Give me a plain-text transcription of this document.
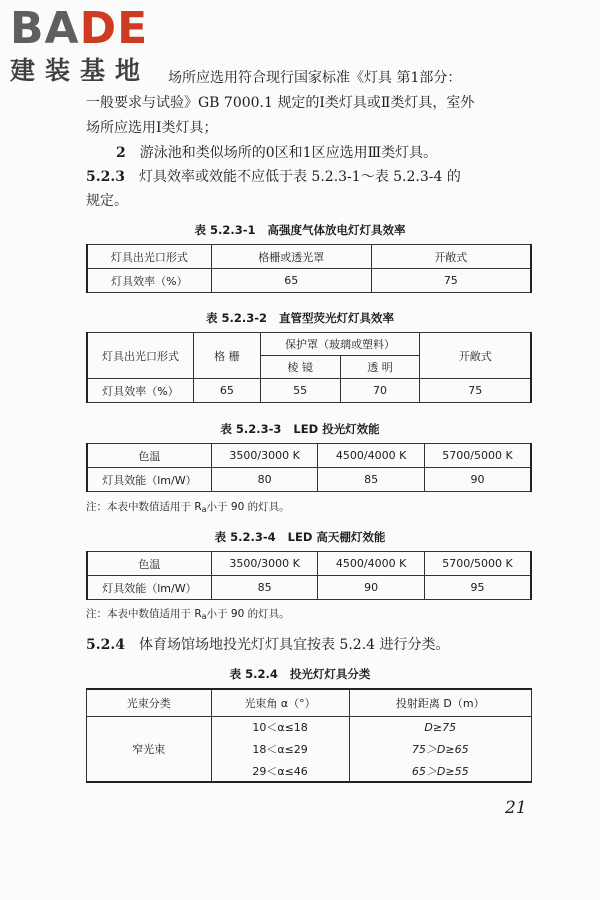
BADE
建装基地 场所应选用符合现行国家标准《灯具 第1部分：

一般要求与试验》GB 7000.1 规定的Ⅰ类灯具或Ⅱ类灯具，室外

场所应选用Ⅰ类灯具；

2 游泳池和类似场所的0区和1区应选用Ⅲ类灯具。

5.2.3 灯具效率或效能不应低于表 5.2.3-1～表 5.2.3-4 的

规定。

表 5.2.3-1 高强度气体放电灯灯具效率
灯具出光口形式	格栅或透光罩	开敞式
灯具效率（%）	65	75
表 5.2.3-2 直管型荧光灯灯具效率
灯具出光口形式	格 栅	保护罩（玻璃或塑料）		开敞式
		棱 镜	透 明	
灯具效率（%）	65	55	70	75
表 5.2.3-3 LED 投光灯效能
色温	3500/3000 K	4500/4000 K	5700/5000 K
灯具效能（lm/W）	80	85	90
注：本表中数值适用于 $R_a$小于 90 的灯具。
表 5.2.3-4 LED 高天棚灯效能
色温	3500/3000 K	4500/4000 K	5700/5000 K
灯具效能（lm/W）	85	90	95
注：本表中数值适用于 $R_a$小于 90 的灯具。

5.2.4 体育场馆场地投光灯灯具宜按表 5.2.4 进行分类。

表 5.2.4 投光灯灯具分类
光束分类	光束角 α（°）	投射距离 D（m）
窄光束	10＜α≤18	D≥75
	18＜α≤29	75＞D≥65
	29＜α≤46	65＞D≥55
21
